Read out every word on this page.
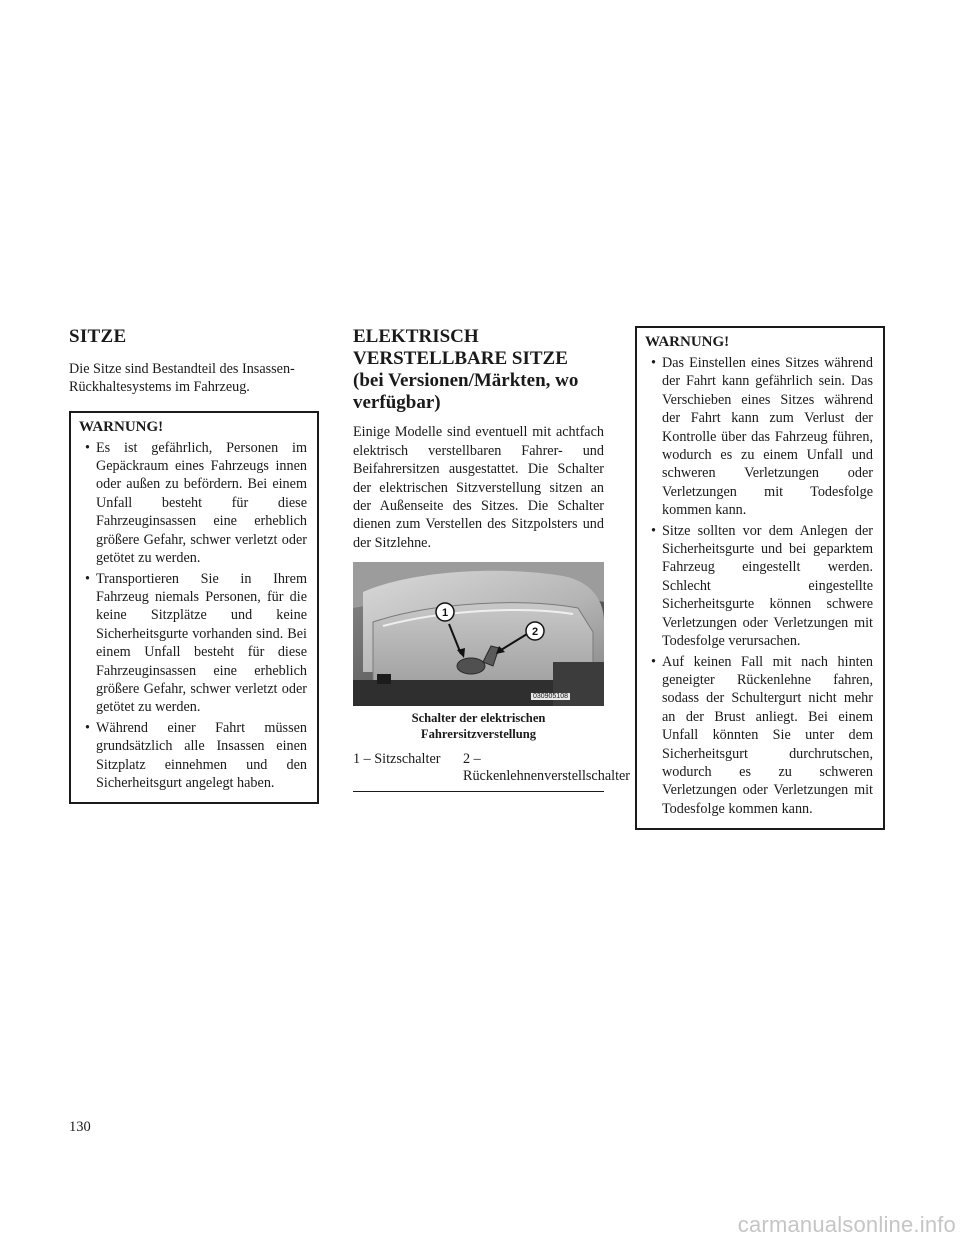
SITZE

Die Sitze sind Bestandteil des Insassen-Rückhaltesystems im Fahrzeug.

WARNUNG!
• Es ist gefährlich, Personen im Gepäckraum eines Fahrzeugs innen oder außen zu befördern. Bei einem Unfall besteht für diese Fahrzeuginsassen eine erheblich größere Gefahr, schwer verletzt oder getötet zu werden.
• Transportieren Sie in Ihrem Fahrzeug niemals Personen, für die keine Sitzplätze und keine Sicherheitsgurte vorhanden sind. Bei einem Unfall besteht für diese Fahrzeuginsassen eine erheblich größere Gefahr, schwer verletzt oder getötet zu werden.
• Während einer Fahrt müssen grundsätzlich alle Insassen einen Sitzplatz einnehmen und den Sicherheitsgurt angelegt haben.
ELEKTRISCH
VERSTELLBARE SITZE
(bei Versionen/Märkten, wo
verfügbar)

Einige Modelle sind eventuell mit achtfach elektrisch verstellbaren Fahrer- und Beifahrersitzen ausgestattet. Die Schalter der elektrischen Sitzverstellung sitzen an der Außenseite des Sitzes. Die Schalter dienen zum Verstellen des Sitzpolsters und der Sitzlehne.

1
2
030905108
Schalter der elektrischen Fahrersitzverstellung
1 – Sitzschalter	2 – Rückenlehnenverstellschalter
WARNUNG!
• Das Einstellen eines Sitzes während der Fahrt kann gefährlich sein. Das Verschieben eines Sitzes während der Fahrt kann zum Verlust der Kontrolle über das Fahrzeug führen, wodurch es zu einem Unfall und schweren Verletzungen oder Verletzungen mit Todesfolge kommen kann.
• Sitze sollten vor dem Anlegen der Sicherheitsgurte und bei geparktem Fahrzeug eingestellt werden. Schlecht eingestellte Sicherheitsgurte können schwere Verletzungen oder Verletzungen mit Todesfolge verursachen.
• Auf keinen Fall mit nach hinten geneigter Rückenlehne fahren, sodass der Schultergurt nicht mehr an der Brust anliegt. Bei einem Unfall könnten Sie unter dem Sicherheitsgurt durchrutschen, wodurch es zu schweren Verletzungen oder Verletzungen mit Todesfolge kommen kann.
130
carmanualsonline.info
